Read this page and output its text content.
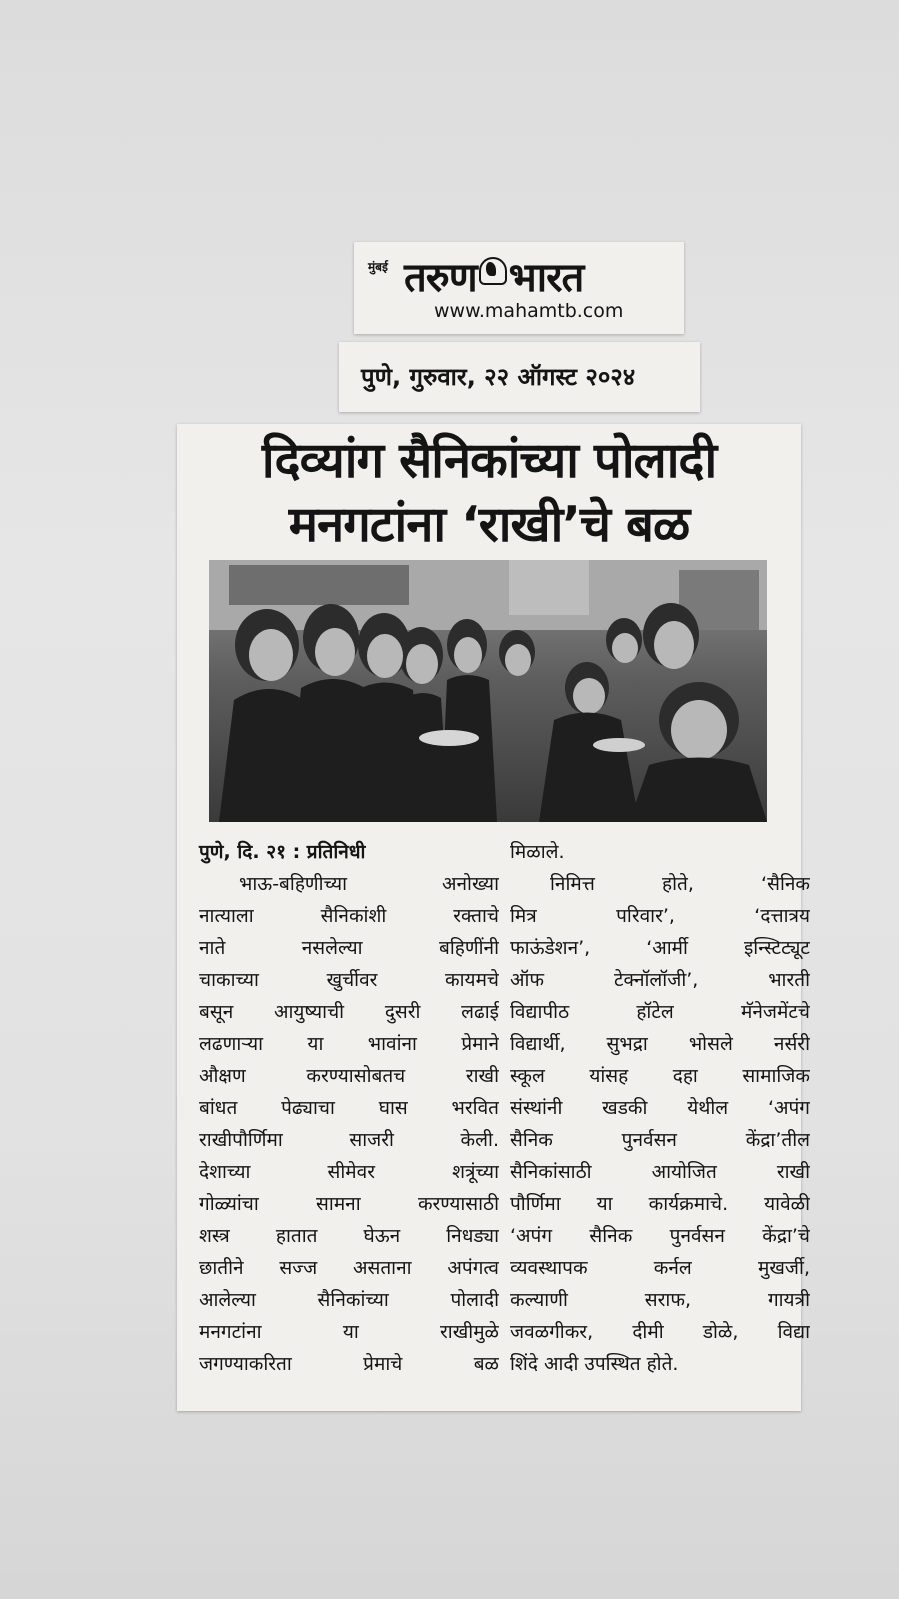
मुंबई तरुण भारत
www.mahamtb.com
पुणे, गुरुवार, २२ ऑगस्ट २०२४
दिव्यांग सैनिकांच्या पोलादी
मनगटांना ‘राखी’चे बळ
पुणे, दि. २१ : प्रतिनिधी
भाऊ-बहिणीच्या अनोख्या
नात्याला सैनिकांशी रक्ताचे
नाते नसलेल्या बहिणींनी
चाकाच्या खुर्चीवर कायमचे
बसून आयुष्याची दुसरी लढाई
लढणाऱ्या या भावांना प्रेमाने
औक्षण करण्यासोबतच राखी
बांधत पेढ्याचा घास भरवित
राखीपौर्णिमा साजरी केली.
देशाच्या सीमेवर शत्रूंच्या
गोळ्यांचा सामना करण्यासाठी
शस्त्र हातात घेऊन निधड्या
छातीने सज्ज असताना अपंगत्व
आलेल्या सैनिकांच्या पोलादी
मनगटांना या राखीमुळे
जगण्याकरिता प्रेमाचे बळ
मिळाले.
निमित्त होते, ‘सैनिक
मित्र परिवार’, ‘दत्तात्रय
फाऊंडेशन’, ‘आर्मी इन्स्टिट्यूट
ऑफ टेक्नॉलॉजी’, भारती
विद्यापीठ हॉटेल मॅनेजमेंटचे
विद्यार्थी, सुभद्रा भोसले नर्सरी
स्कूल यांसह दहा सामाजिक
संस्थांनी खडकी येथील ‘अपंग
सैनिक पुनर्वसन केंद्रा’तील
सैनिकांसाठी आयोजित राखी
पौर्णिमा या कार्यक्रमाचे. यावेळी
‘अपंग सैनिक पुनर्वसन केंद्रा’चे
व्यवस्थापक कर्नल मुखर्जी,
कल्याणी सराफ, गायत्री
जवळगीकर, दीमी डोळे, विद्या
शिंदे आदी उपस्थित होते.
